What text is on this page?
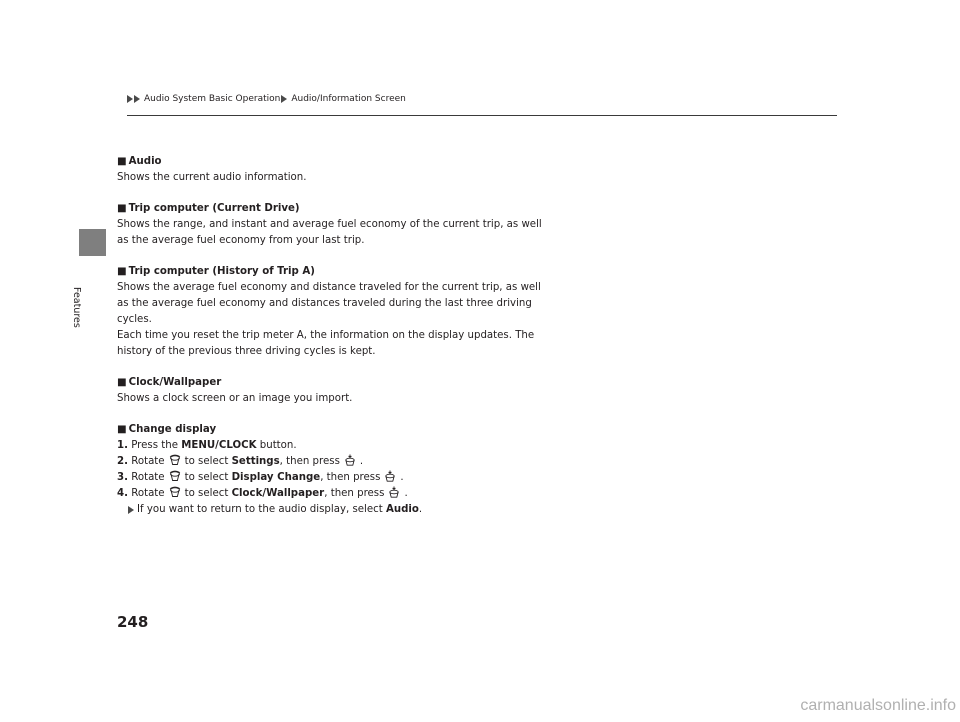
Features
Audio System Basic Operation Audio/Information Screen
■ Audio
Shows the current audio information.
■ Trip computer (Current Drive)
Shows the range, and instant and average fuel economy of the current trip, as well
as the average fuel economy from your last trip.
■ Trip computer (History of Trip A)
Shows the average fuel economy and distance traveled for the current trip, as well
as the average fuel economy and distances traveled during the last three driving
cycles.
Each time you reset the trip meter A, the information on the display updates. The
history of the previous three driving cycles is kept.
■ Clock/Wallpaper
Shows a clock screen or an image you import.
■ Change display
1. Press the MENU/CLOCK button.
2. Rotate to select Settings, then press .
3. Rotate to select Display Change, then press .
4. Rotate to select Clock/Wallpaper, then press .
If you want to return to the audio display, select
Audio .
248
carmanualsonline.info
